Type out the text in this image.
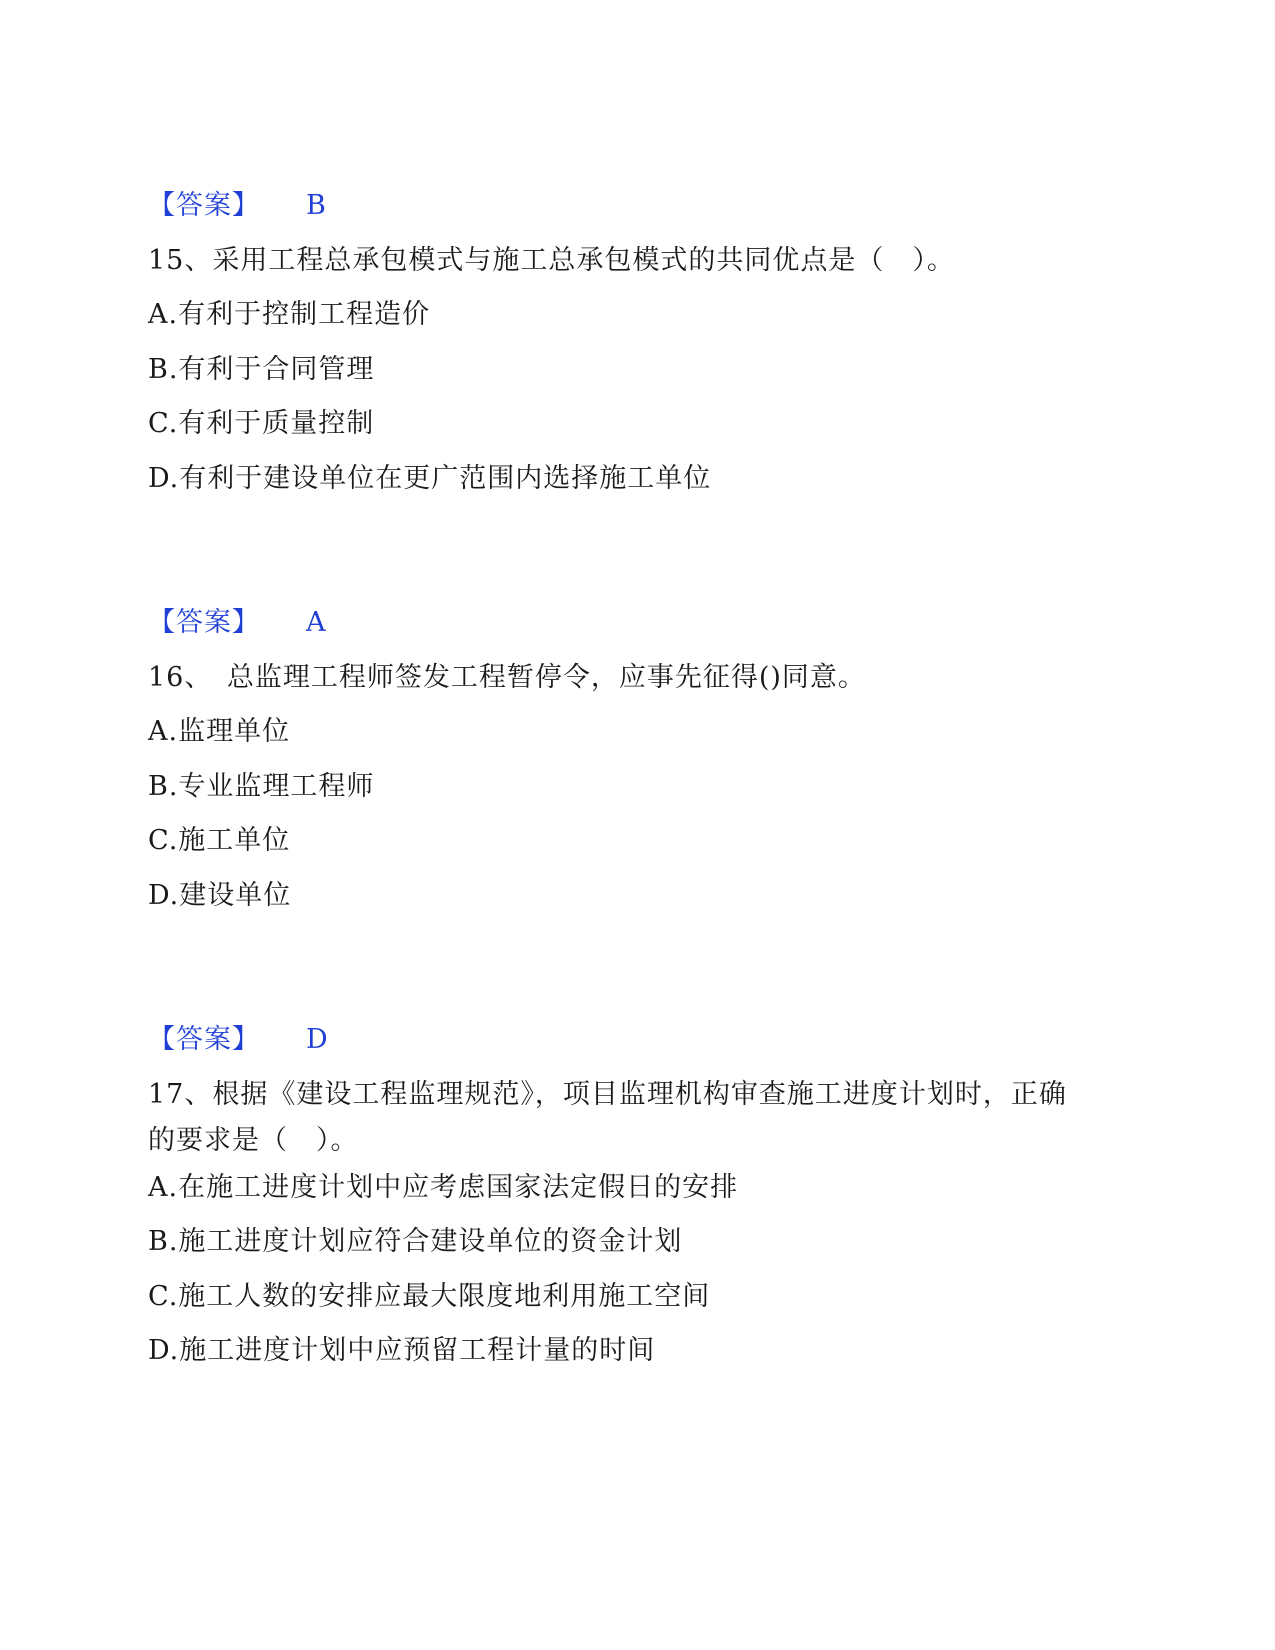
【答案】 B
15、采用工程总承包模式与施工总承包模式的共同优点是（　）。
A.有利于控制工程造价
B.有利于合同管理
C.有利于质量控制
D.有利于建设单位在更广范围内选择施工单位
【答案】 A
16、　总监理工程师签发工程暂停令，应事先征得()同意。
A.监理单位
B.专业监理工程师
C.施工单位
D.建设单位
【答案】 D
17、根据《建设工程监理规范》，项目监理机构审查施工进度计划时，正确的要求是（　）。
A.在施工进度计划中应考虑国家法定假日的安排
B.施工进度计划应符合建设单位的资金计划
C.施工人数的安排应最大限度地利用施工空间
D.施工进度计划中应预留工程计量的时间
